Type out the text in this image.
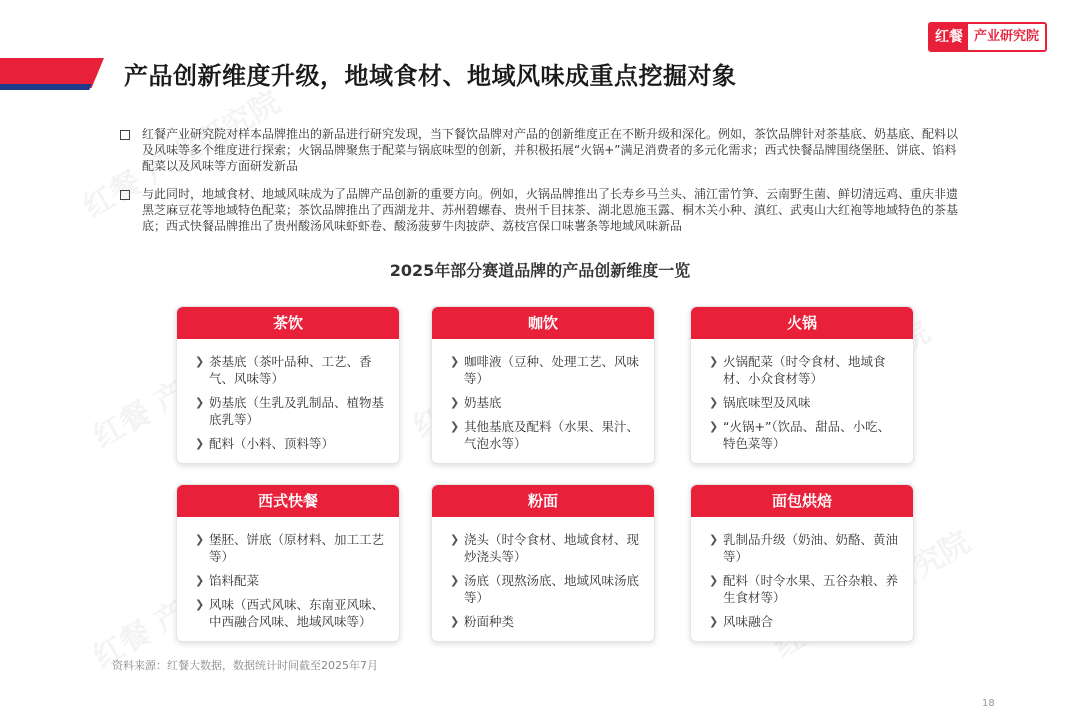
产品创新维度升级，地域食材、地域风味成重点挖掘对象
红餐 产业研究院
红餐产业研究院对样本品牌推出的新品进行研究发现，当下餐饮品牌对产品的创新维度正在不断升级和深化。例如，茶饮品牌针对茶基底、奶基底、配料以及风味等多个维度进行探索；火锅品牌聚焦于配菜与锅底味型的创新，并积极拓展“火锅+”满足消费者的多元化需求；西式快餐品牌围绕堡胚、饼底、馅料配菜以及风味等方面研发新品
与此同时，地域食材、地域风味成为了品牌产品创新的重要方向。例如，火锅品牌推出了长寿乡马兰头、浦江雷竹笋、云南野生菌、鲜切清远鸡、重庆非遗黑芝麻豆花等地域特色配菜；茶饮品牌推出了西湖龙井、苏州碧螺春、贵州千目抹茶、湖北恩施玉露、桐木关小种、滇红、武夷山大红袍等地域特色的茶基底；西式快餐品牌推出了贵州酸汤风味虾虾卷、酸汤菠萝牛肉披萨、荔枝宫保口味薯条等地域风味新品
2025年部分赛道品牌的产品创新维度一览
茶饮
❯ 茶基底（茶叶品种、工艺、香气、风味等）
❯ 奶基底（生乳及乳制品、植物基底乳等）
❯ 配料（小料、顶料等）
咖饮
❯ 咖啡液（豆种、处理工艺、风味等）
❯ 奶基底
❯ 其他基底及配料（水果、果汁、气泡水等）
火锅
❯ 火锅配菜（时令食材、地域食材、小众食材等）
❯ 锅底味型及风味
❯ “火锅+”（饮品、甜品、小吃、特色菜等）
西式快餐
❯ 堡胚、饼底（原材料、加工工艺等）
❯ 馅料配菜
❯ 风味（西式风味、东南亚风味、中西融合风味、地域风味等）
粉面
❯ 浇头（时令食材、地域食材、现炒浇头等）
❯ 汤底（现熬汤底、地域风味汤底等）
❯ 粉面种类
面包烘焙
❯ 乳制品升级（奶油、奶酪、黄油等）
❯ 配料（时令水果、五谷杂粮、养生食材等）
❯ 风味融合
资料来源：红餐大数据，数据统计时间截至2025年7月
18
